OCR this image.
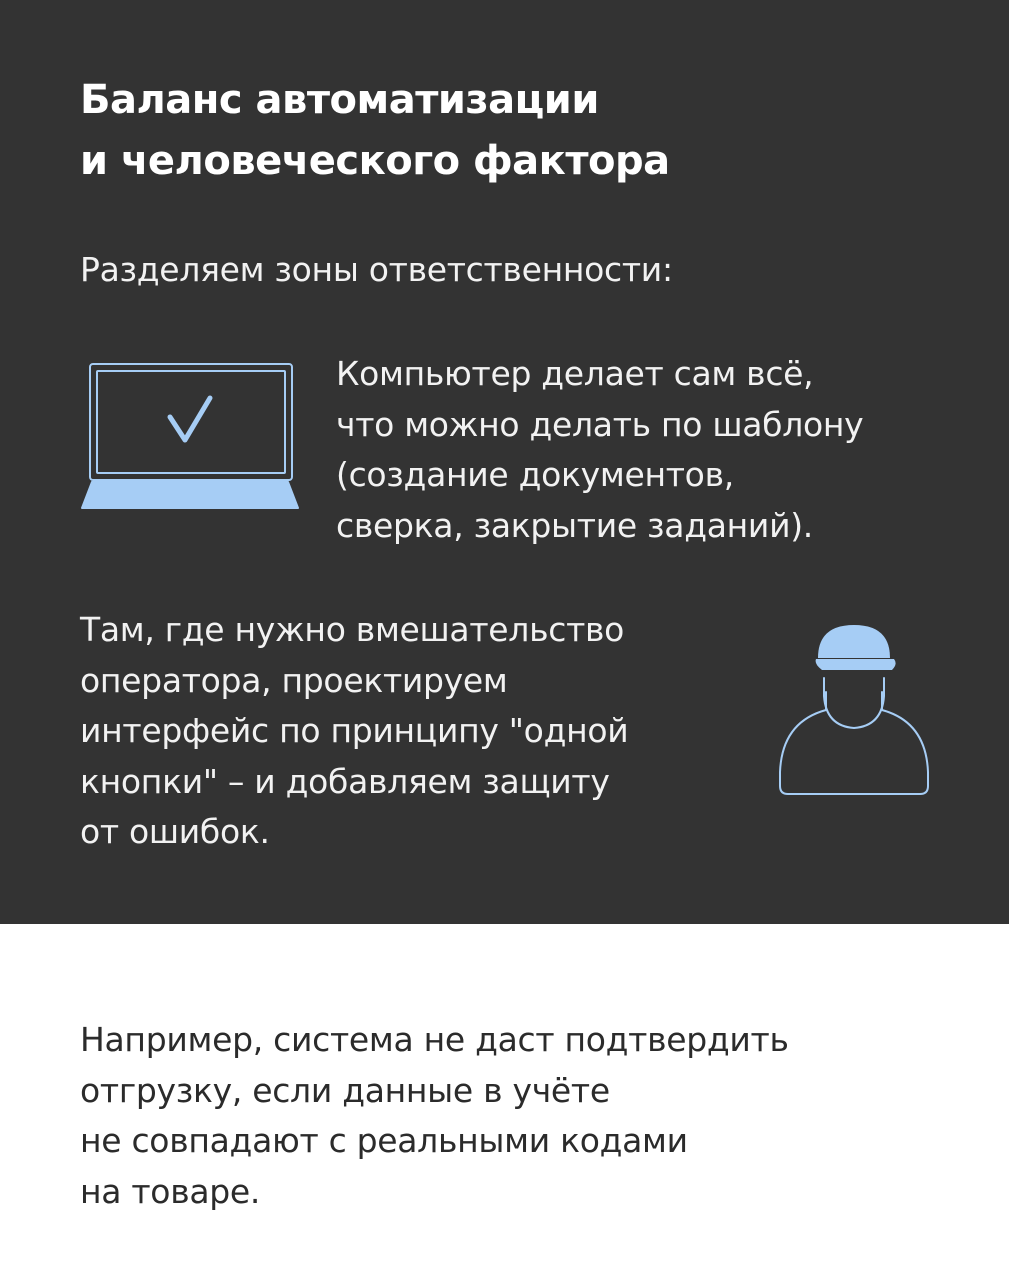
Баланс автоматизации
и человеческого фактора
Разделяем зоны ответственности:
Компьютер делает сам всё,
что можно делать по шаблону
(создание документов,
сверка, закрытие заданий).
Там, где нужно вмешательство
оператора, проектируем
интерфейс по принципу "одной
кнопки" – и добавляем защиту
от ошибок.
Например, система не даст подтвердить
отгрузку, если данные в учёте
не совпадают с реальными кодами
на товаре.
